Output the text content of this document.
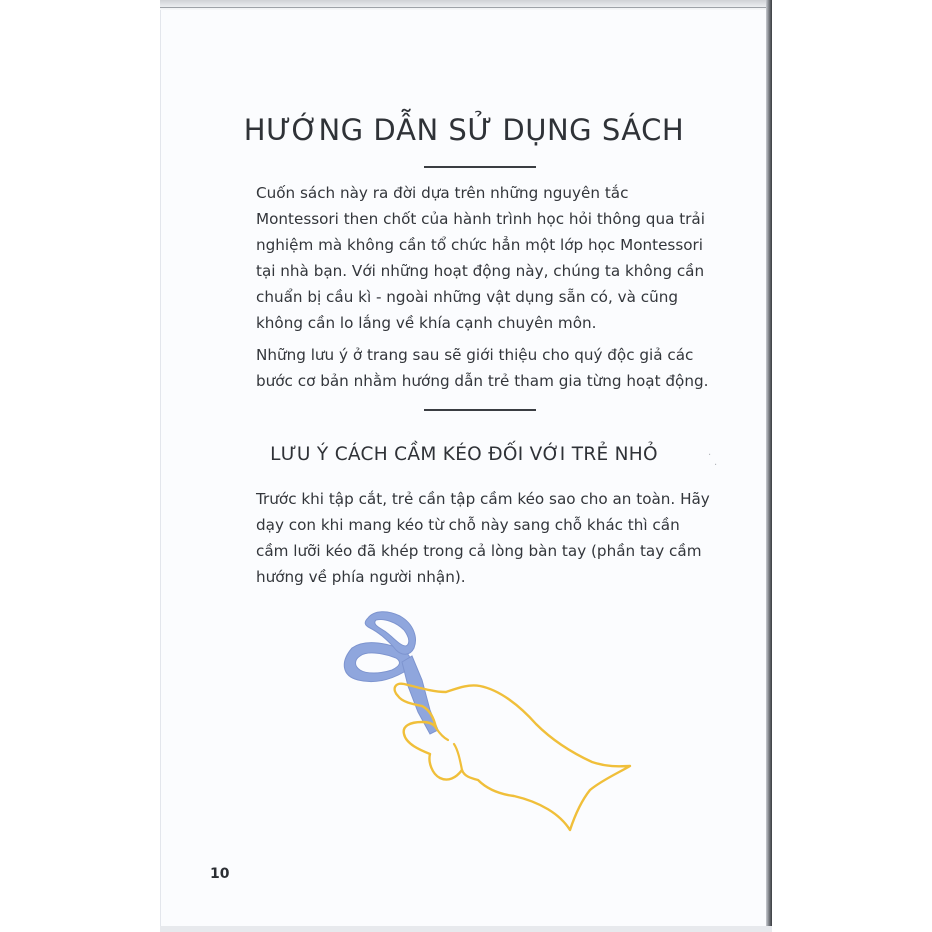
HƯỚNG DẪN SỬ DỤNG SÁCH

Cuốn sách này ra đời dựa trên những nguyên tắc Montessori then chốt của hành trình học hỏi thông qua trải nghiệm mà không cần tổ chức hẳn một lớp học Montessori tại nhà bạn. Với những hoạt động này, chúng ta không cần chuẩn bị cầu kì - ngoài những vật dụng sẵn có, và cũng không cần lo lắng về khía cạnh chuyên môn.

Những lưu ý ở trang sau sẽ giới thiệu cho quý độc giả các bước cơ bản nhằm hướng dẫn trẻ tham gia từng hoạt động.

LƯU Ý CÁCH CẦM KÉO ĐỐI VỚI TRẺ NHỎ

Trước khi tập cắt, trẻ cần tập cầm kéo sao cho an toàn. Hãy dạy con khi mang kéo từ chỗ này sang chỗ khác thì cần cầm lưỡi kéo đã khép trong cả lòng bàn tay (phần tay cầm hướng về phía người nhận).

10

·
·
